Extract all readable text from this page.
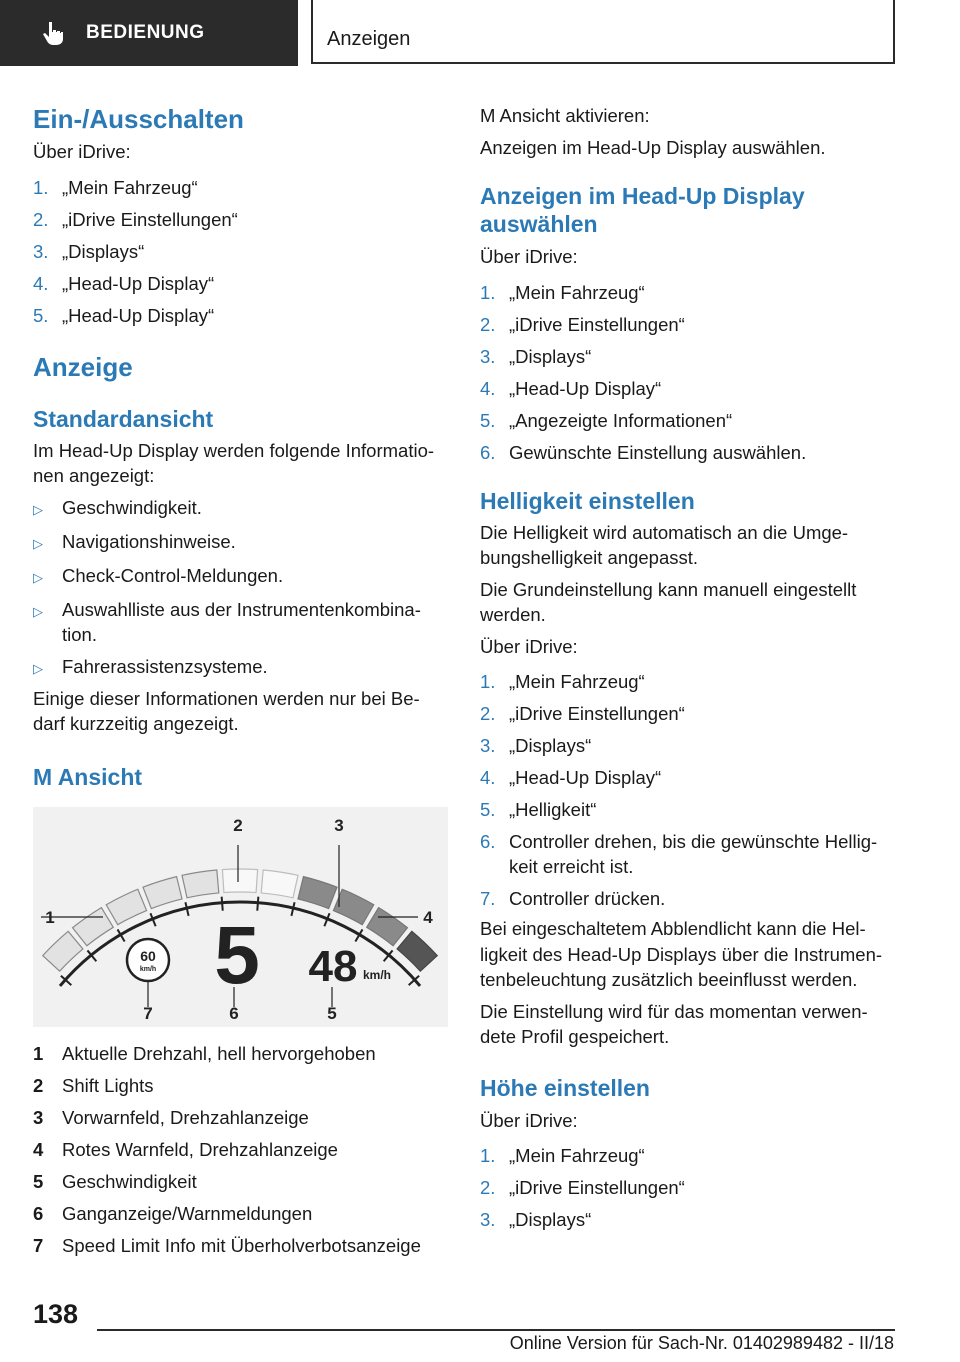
BEDIENUNG	Anzeigen
Ein-/Ausschalten

Über iDrive:

1. „Mein Fahrzeug“
2. „iDrive Einstellungen“
3. „Displays“
4. „Head-Up Display“
5. „Head-Up Display“
Anzeige
Standardansicht

Im Head-Up Display werden folgende Informatio-
nen angezeigt:

▷	Geschwindigkeit.
▷	Navigationshinweise.
▷	Check-Control-Meldungen.
▷	Auswahlliste aus der Instrumentenkombina-
tion.
▷	Fahrerassistenzsysteme.

Einige dieser Informationen werden nur bei Be-
darf kurzzeitig angezeigt.

M Ansicht
60
km/h 5 48 km/h
1
2	3
4
5
6
7
1	Aktuelle Drehzahl, hell hervorgehoben
2	Shift Lights
3	Vorwarnfeld, Drehzahlanzeige
4	Rotes Warnfeld, Drehzahlanzeige
5	Geschwindigkeit
6	Ganganzeige/Warnmeldungen
7	Speed Limit Info mit Überholverbotsanzeige

M Ansicht aktivieren:

Anzeigen im Head-Up Display auswählen.

Anzeigen im Head-Up Display
auswählen

Über iDrive:

1. „Mein Fahrzeug“
2. „iDrive Einstellungen“
3. „Displays“
4. „Head-Up Display“
5. „Angezeigte Informationen“
6. Gewünschte Einstellung auswählen.
Helligkeit einstellen

Die Helligkeit wird automatisch an die Umge-
bungshelligkeit angepasst.

Die Grundeinstellung kann manuell eingestellt
werden.

Über iDrive:

1. „Mein Fahrzeug“
2. „iDrive Einstellungen“
3. „Displays“
4. „Head-Up Display“
5. „Helligkeit“
6. Controller drehen, bis die gewünschte Hellig-
keit erreicht ist.
7. Controller drücken.

Bei eingeschaltetem Abblendlicht kann die Hel-
ligkeit des Head-Up Displays über die Instrumen-
tenbeleuchtung zusätzlich beeinflusst werden.

Die Einstellung wird für das momentan verwen-
dete Profil gespeichert.

Höhe einstellen

Über iDrive:

1. „Mein Fahrzeug“
2. „iDrive Einstellungen“
3. „Displays“
138
Online Version für Sach-Nr. 01402989482 - II/18
